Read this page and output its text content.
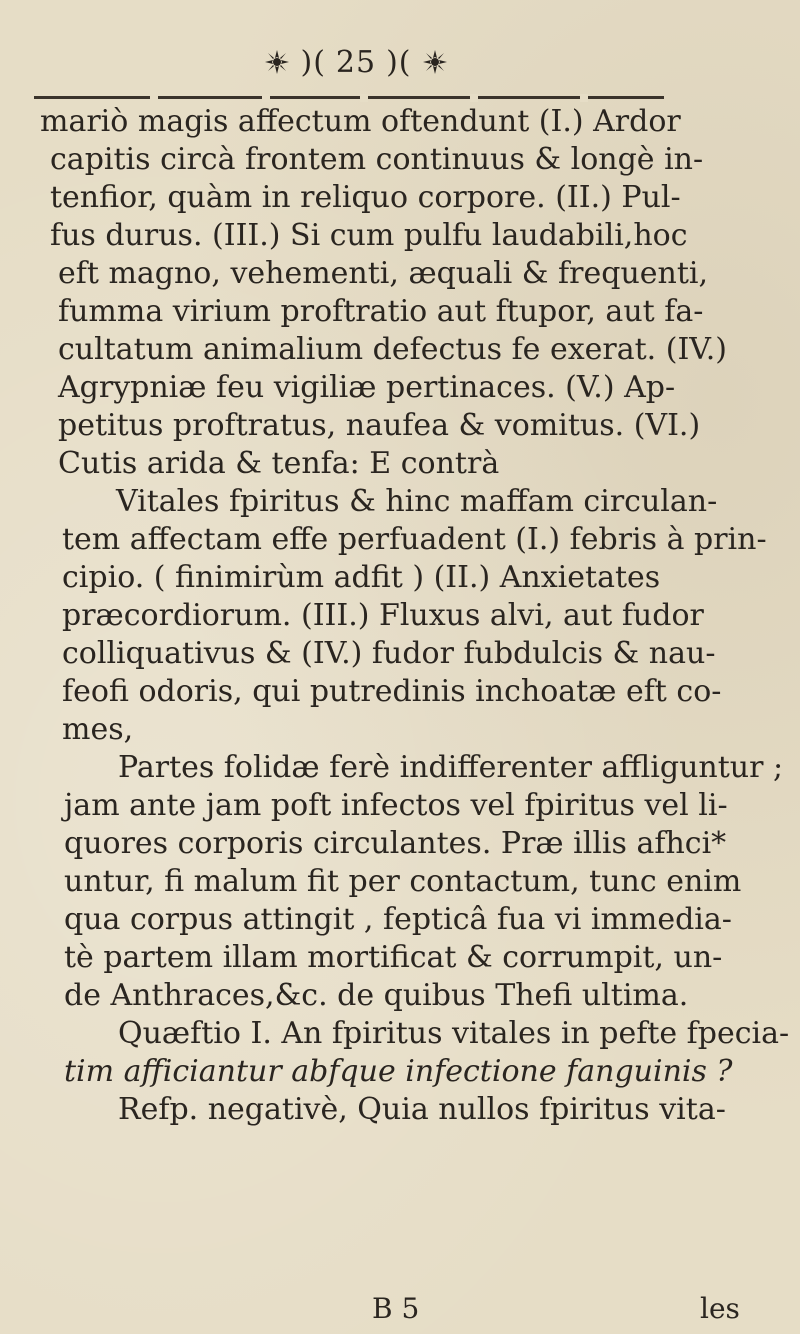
)( 25 )(
mariò magis affectum oftendunt (I.) Ardor
capitis circà frontem continuus & longè in-
tenfior, quàm in reliquo corpore. (II.) Pul-
fus durus. (III.) Si cum pulfu laudabili,hoc
eft magno, vehementi, æquali & frequenti,
fumma virium proftratio aut ftupor, aut fa-
cultatum animalium defectus fe exerat. (IV.)
Agrypniæ feu vigiliæ pertinaces. (V.) Ap-
petitus proftratus, naufea & vomitus. (VI.)
Cutis arida & tenfa: E contrà
Vitales fpiritus & hinc maffam circulan-
tem affectam effe perfuadent (I.) febris à prin-
cipio. ( finimirùm adfit ) (II.) Anxietates
præcordiorum. (III.) Fluxus alvi, aut fudor
colliquativus & (IV.) fudor fubdulcis & nau-
feofi odoris, qui putredinis inchoatæ eft co-
mes,
Partes folidæ ferè indifferenter affliguntur ;
jam ante jam poft infectos vel fpiritus vel li-
quores corporis circulantes. Præ illis afhci*
untur, fi malum fit per contactum, tunc enim
qua corpus attingit , fepticâ fua vi immedia-
tè partem illam mortificat & corrumpit, un-
de Anthraces,&c. de quibus Thefi ultima.
Quæftio I. An fpiritus vitales in pefte fpecia-
tim afficiantur abfque infectione fanguinis ?
Refp. negativè, Quia nullos fpiritus vita-
B 5	les
